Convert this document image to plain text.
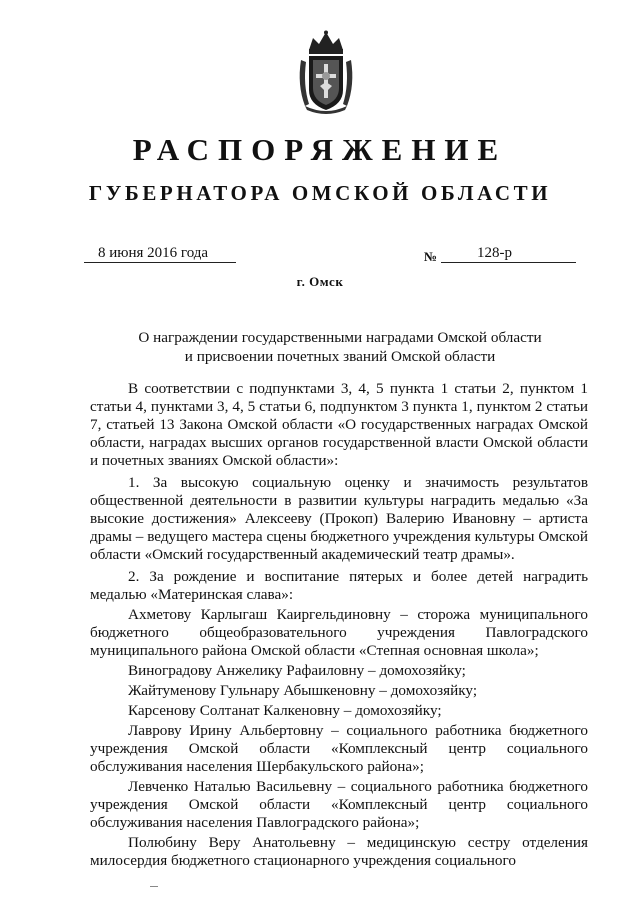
РАСПОРЯЖЕНИЕ
ГУБЕРНАТОРА ОМСКОЙ ОБЛАСТИ
8 июня 2016 года	№	128-р
г. Омск
О награждении государственными наградами Омской области
и присвоении почетных званий Омской области

В соответствии с подпунктами 3, 4, 5 пункта 1 статьи 2, пунктом 1 статьи 4, пунктами 3, 4, 5 статьи 6, подпунктом 3 пункта 1, пунктом 2 статьи 7, статьей 13 Закона Омской области «О государственных наградах Омской области, наградах высших органов государственной власти Омской области и почетных званиях Омской области»:

1. За высокую социальную оценку и значимость результатов общественной деятельности в развитии культуры наградить медалью «За высокие достижения» Алексееву (Прокоп) Валерию Ивановну – артиста драмы – ведущего мастера сцены бюджетного учреждения культуры Омской области «Омский государственный академический театр драмы».

2. За рождение и воспитание пятерых и более детей наградить медалью «Материнская слава»:

Ахметову Карлыгаш Каиргельдиновну – сторожа муниципального бюджетного общеобразовательного учреждения Павлоградского муниципального района Омской области «Степная основная школа»;

Виноградову Анжелику Рафаиловну – домохозяйку;

Жайтуменову Гульнару Абышкеновну – домохозяйку;

Карсенову Солтанат Калкеновну – домохозяйку;

Лаврову Ирину Альбертовну – социального работника бюджетного учреждения Омской области «Комплексный центр социального обслуживания населения Шербакульского района»;

Левченко Наталью Васильевну – социального работника бюджетного учреждения Омской области «Комплексный центр социального обслуживания населения Павлоградского района»;

Полюбину Веру Анатольевну – медицинскую сестру отделения милосердия бюджетного стационарного учреждения социального
